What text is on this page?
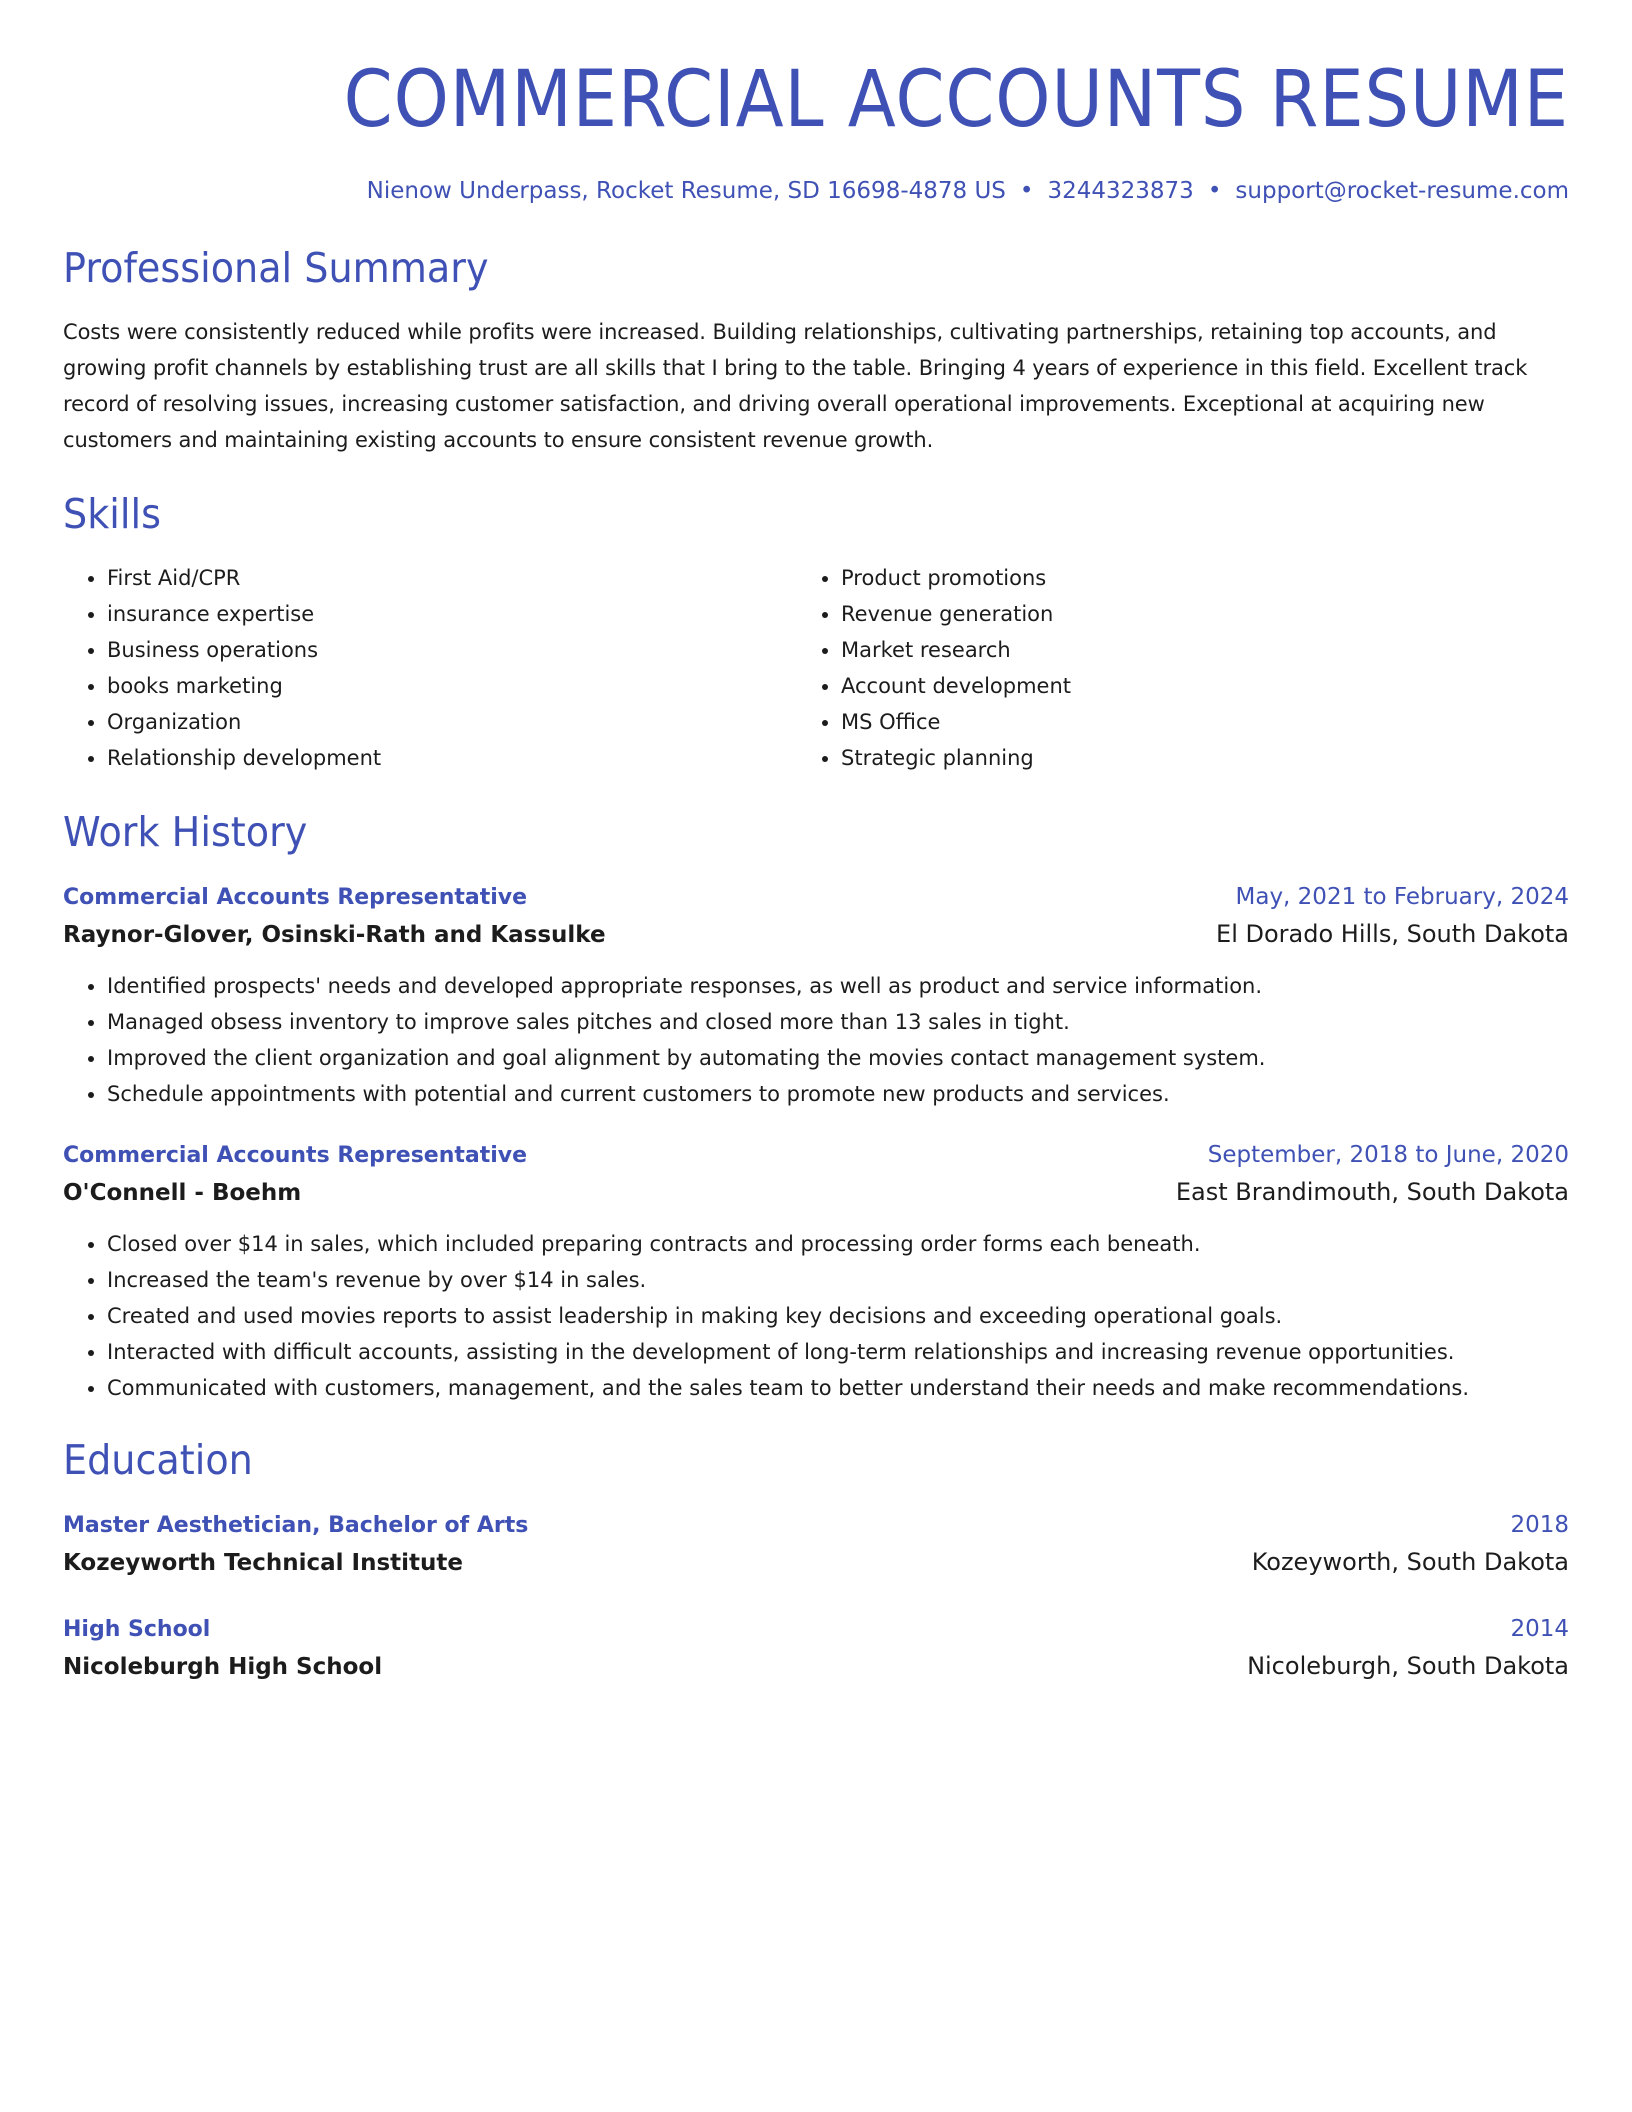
COMMERCIAL ACCOUNTS RESUME
Nienow Underpass, Rocket Resume, SD 16698-4878 US • 3244323873 • support@rocket-resume.com
Professional Summary
Costs were consistently reduced while profits were increased. Building relationships, cultivating partnerships, retaining top accounts, and growing profit channels by establishing trust are all skills that I bring to the table. Bringing 4 years of experience in this field. Excellent track record of resolving issues, increasing customer satisfaction, and driving overall operational improvements. Exceptional at acquiring new customers and maintaining existing accounts to ensure consistent revenue growth.
Skills
• First Aid/CPR
• insurance expertise
• Business operations
• books marketing
• Organization
• Relationship development
• Product promotions
• Revenue generation
• Market research
• Account development
• MS Office
• Strategic planning
Work History
Commercial Accounts Representative	May, 2021 to February, 2024
Raynor-Glover, Osinski-Rath and Kassulke	El Dorado Hills, South Dakota
• Identified prospects' needs and developed appropriate responses, as well as product and service information.
• Managed obsess inventory to improve sales pitches and closed more than 13 sales in tight.
• Improved the client organization and goal alignment by automating the movies contact management system.
• Schedule appointments with potential and current customers to promote new products and services.
Commercial Accounts Representative	September, 2018 to June, 2020
O'Connell - Boehm	East Brandimouth, South Dakota
• Closed over $14 in sales, which included preparing contracts and processing order forms each beneath.
• Increased the team's revenue by over $14 in sales.
• Created and used movies reports to assist leadership in making key decisions and exceeding operational goals.
• Interacted with difficult accounts, assisting in the development of long-term relationships and increasing revenue opportunities.
• Communicated with customers, management, and the sales team to better understand their needs and make recommendations.
Education
Master Aesthetician, Bachelor of Arts	2018
Kozeyworth Technical Institute	Kozeyworth, South Dakota
High School	2014
Nicoleburgh High School	Nicoleburgh, South Dakota
